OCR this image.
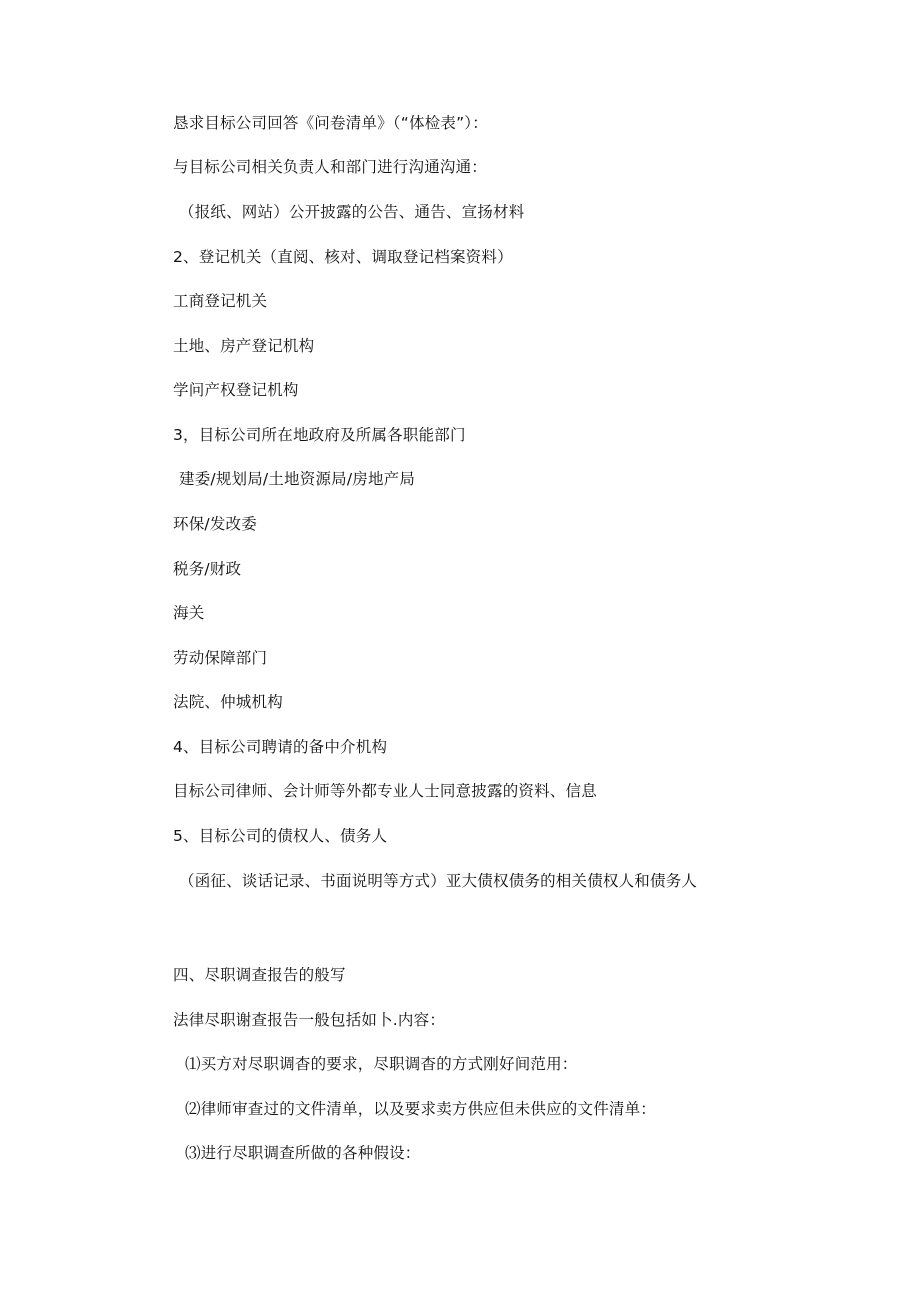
恳求目标公司回答《问卷清单》（“体检表”）：
与目标公司相关负责人和部门进行沟通沟通：
（报纸、网站）公开披露的公告、通告、宣扬材料
2、登记机关（直阅、核对、调取登记档案资料）
工商登记机关
土地、房产登记机构
学问产权登记机构
3，目标公司所在地政府及所属各职能部门
建委/规划局/土地资源局/房地产局
环保/发改委
税务/财政
海关
劳动保障部门
法院、仲城机构
4、目标公司聘请的备中介机构
目标公司律师、会计师等外都专业人士同意披露的资料、信息
5、目标公司的债权人、债务人
（函征、谈话记录、书面说明等方式）亚大债权债务的相关债权人和债务人
四、尽职调查报告的般写
法律尽职谢查报告一般包括如卜.内容：
⑴买方对尽职调杳的要求，尽职调杳的方式刚好间范用：
⑵律师审查过的文件清单，以及要求卖方供应但未供应的文件清单：
⑶进行尽职调查所做的各种假设：
